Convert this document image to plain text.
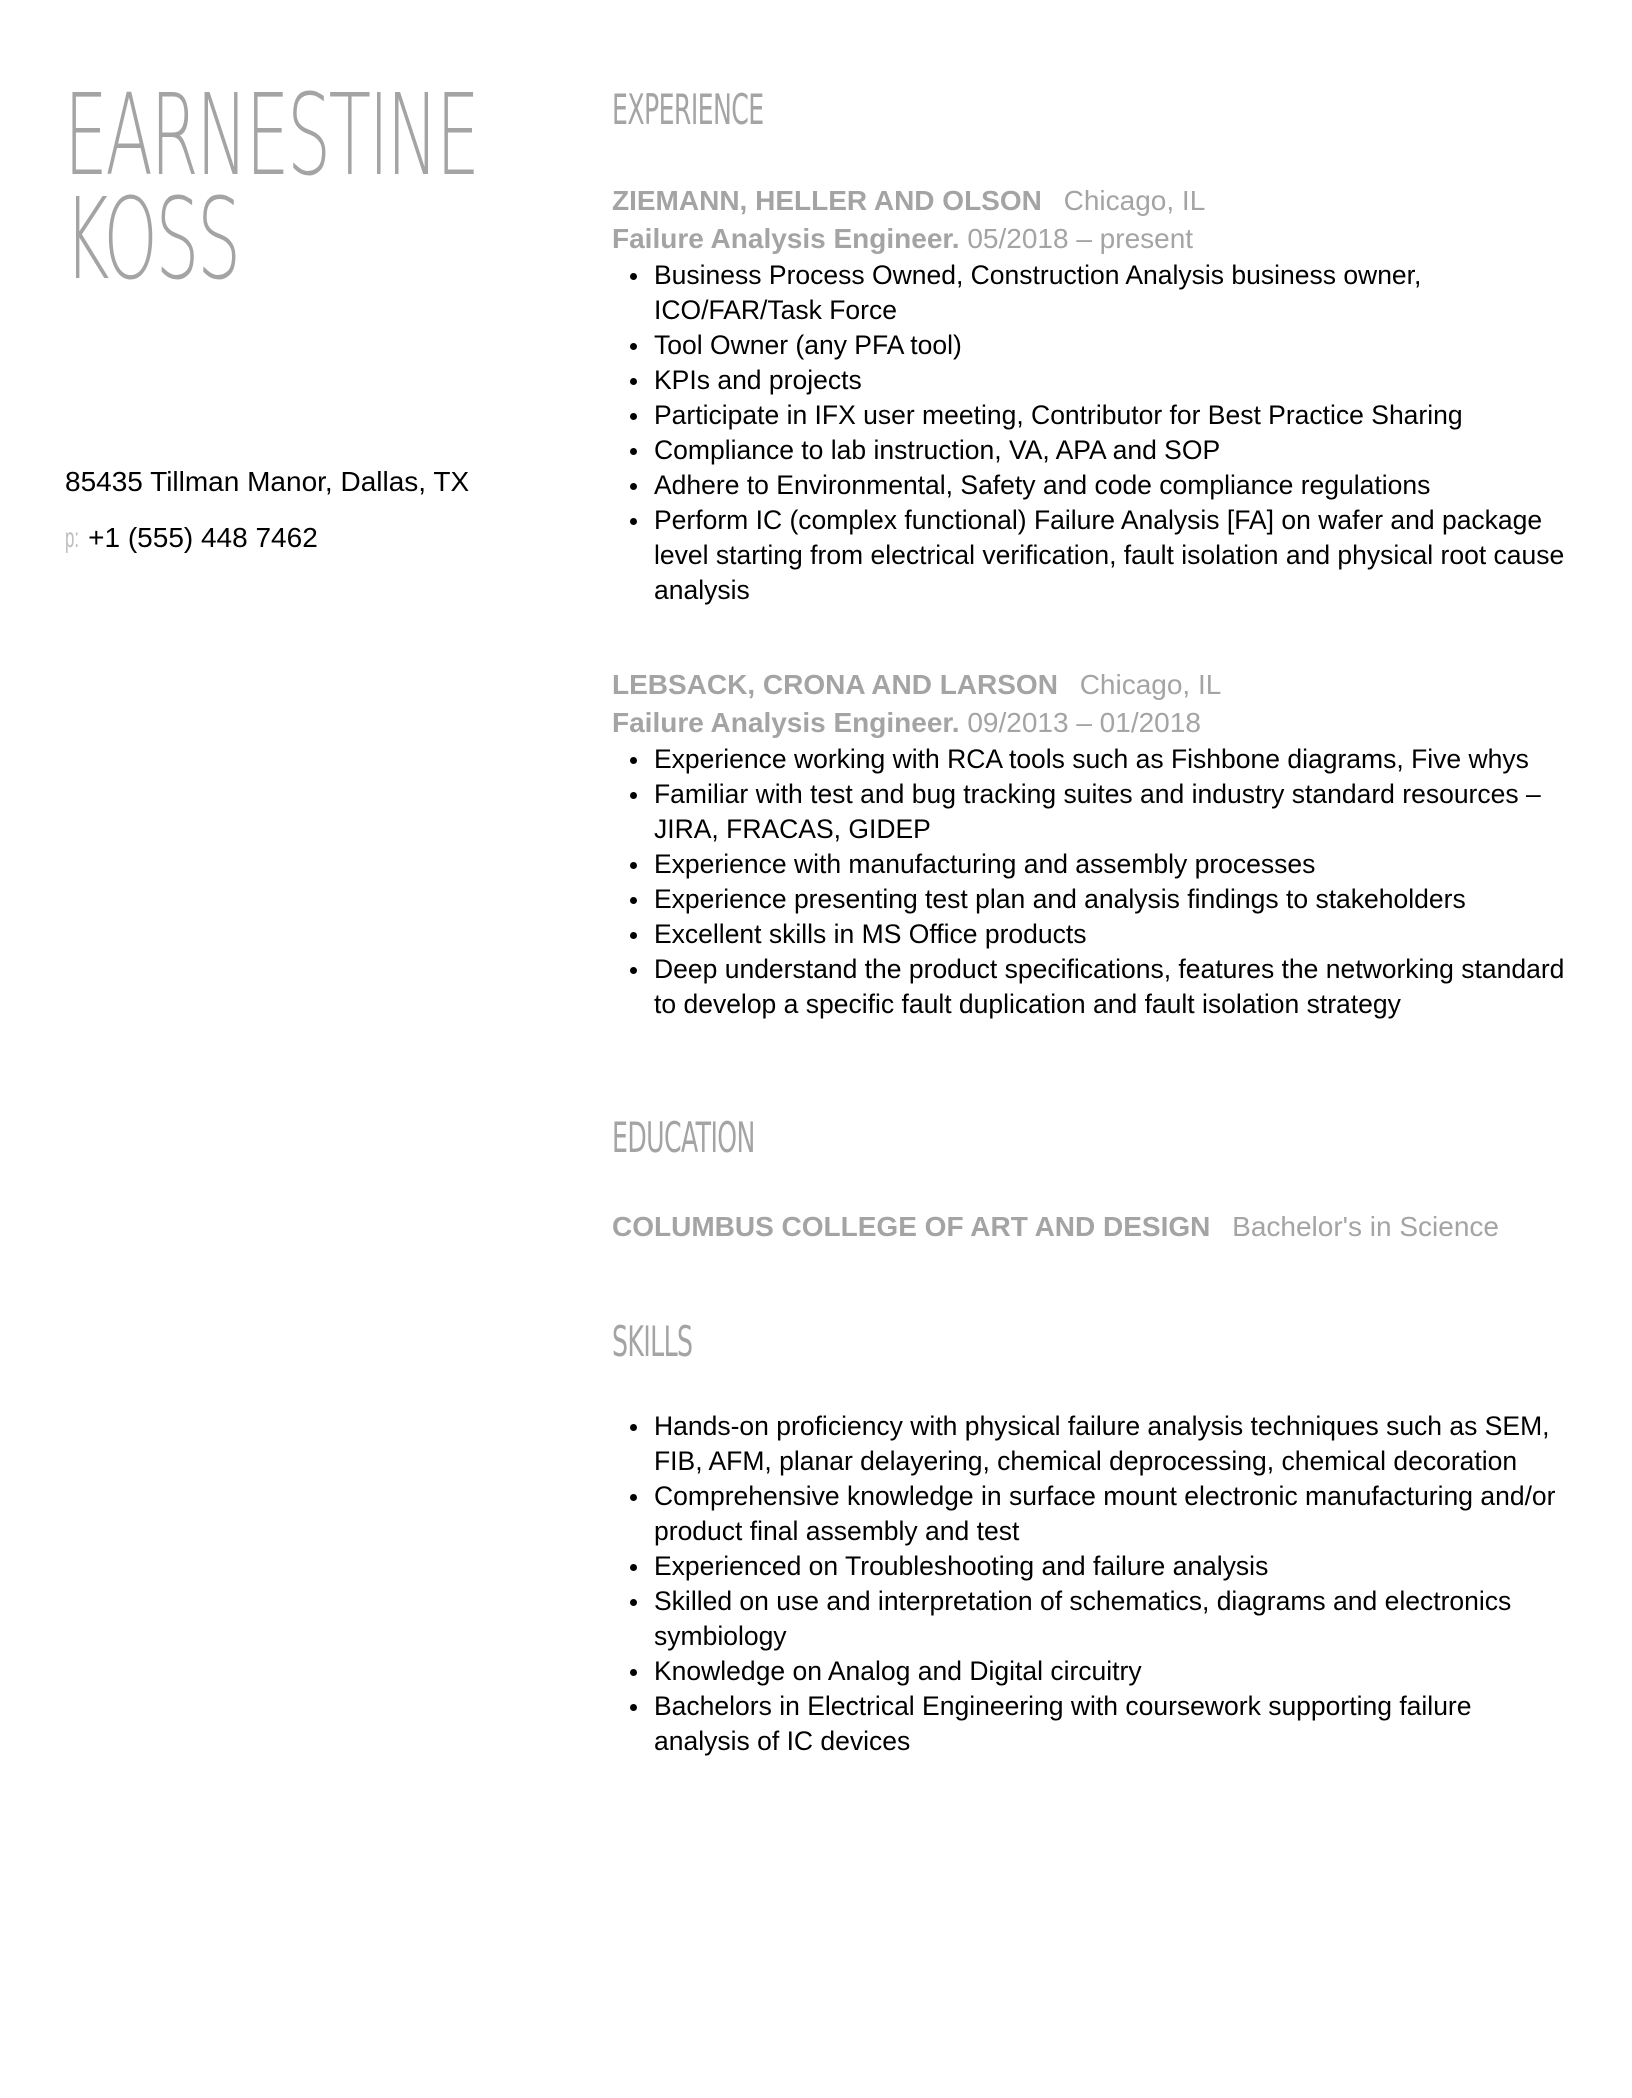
EARNESTINE
KOSS
85435 Tillman Manor, Dallas, TX
p: +1 (555) 448 7462
EXPERIENCE
ZIEMANN, HELLER AND OLSON Chicago, IL
Failure Analysis Engineer. 05/2018 – present
Business Process Owned, Construction Analysis business owner, ICO/FAR/Task Force
Tool Owner (any PFA tool)
KPIs and projects
Participate in IFX user meeting, Contributor for Best Practice Sharing
Compliance to lab instruction, VA, APA and SOP
Adhere to Environmental, Safety and code compliance regulations
Perform IC (complex functional) Failure Analysis [FA] on wafer and package level starting from electrical verification, fault isolation and physical root cause analysis
LEBSACK, CRONA AND LARSON Chicago, IL
Failure Analysis Engineer. 09/2013 – 01/2018
Experience working with RCA tools such as Fishbone diagrams, Five whys
Familiar with test and bug tracking suites and industry standard resources – JIRA, FRACAS, GIDEP
Experience with manufacturing and assembly processes
Experience presenting test plan and analysis findings to stakeholders
Excellent skills in MS Office products
Deep understand the product specifications, features the networking standard to develop a specific fault duplication and fault isolation strategy
EDUCATION
COLUMBUS COLLEGE OF ART AND DESIGN Bachelor's in Science
SKILLS
Hands-on proficiency with physical failure analysis techniques such as SEM, FIB, AFM, planar delayering, chemical deprocessing, chemical decoration
Comprehensive knowledge in surface mount electronic manufacturing and/or product final assembly and test
Experienced on Troubleshooting and failure analysis
Skilled on use and interpretation of schematics, diagrams and electronics symbiology
Knowledge on Analog and Digital circuitry
Bachelors in Electrical Engineering with coursework supporting failure analysis of IC devices
